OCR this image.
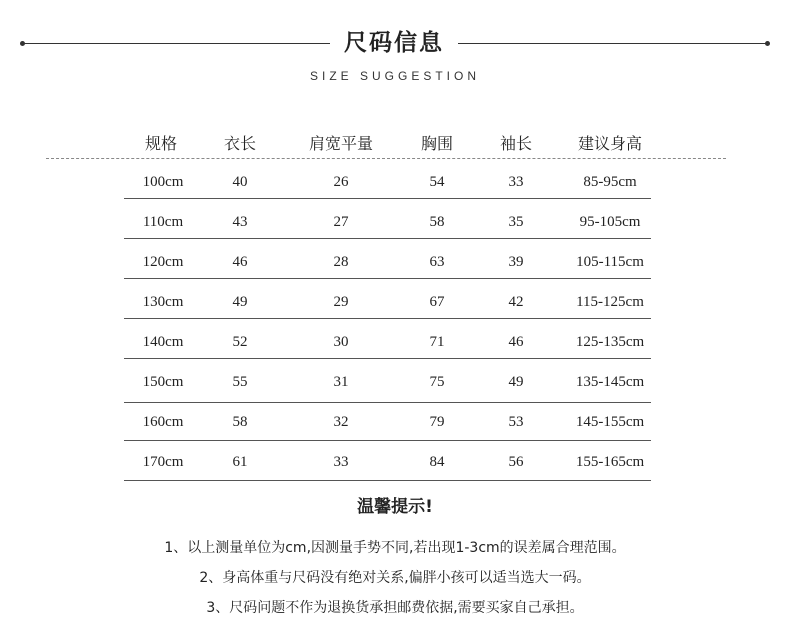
尺码信息
SIZE SUGGESTION
规格	衣长	肩宽平量	胸围	袖长	建议身高
100cm	40	26	54	33	85-95cm
110cm	43	27	58	35	95-105cm
120cm	46	28	63	39	105-115cm
130cm	49	29	67	42	115-125cm
140cm	52	30	71	46	125-135cm
150cm	55	31	75	49	135-145cm
160cm	58	32	79	53	145-155cm
170cm	61	33	84	56	155-165cm
温馨提示!
1、以上测量单位为cm,因测量手势不同,若出现1-3cm的误差属合理范围。
2、身高体重与尺码没有绝对关系,偏胖小孩可以适当选大一码。
3、尺码问题不作为退换货承担邮费依据,需要买家自己承担。
